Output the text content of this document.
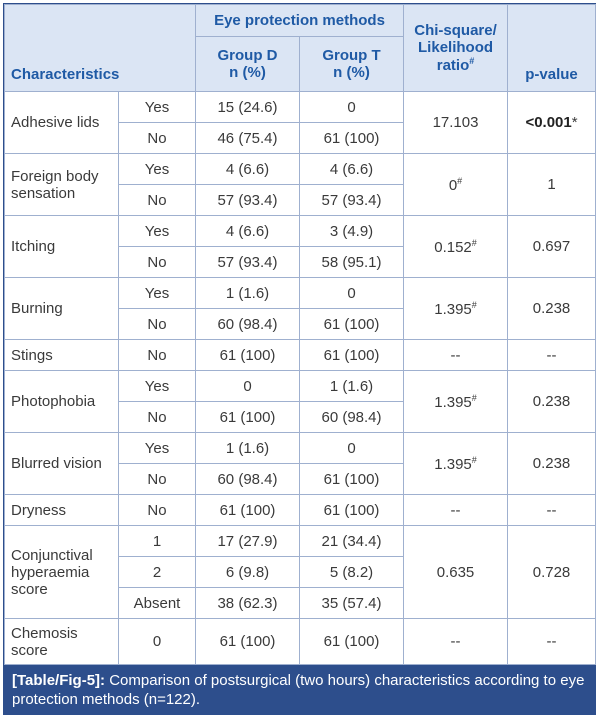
Characteristics		Eye protection methods		Chi-square/
Likelihood
ratio#	p-value
		Group D
n (%)	Group T
n (%)		
Adhesive lids	Yes	15 (24.6)	0	17.103	<0.001*
	No	46 (75.4)	61 (100)		
Foreign body
sensation	Yes	4 (6.6)	4 (6.6)	0#	1
	No	57 (93.4)	57 (93.4)		
Itching	Yes	4 (6.6)	3 (4.9)	0.152#	0.697
	No	57 (93.4)	58 (95.1)		
Burning	Yes	1 (1.6)	0	1.395#	0.238
	No	60 (98.4)	61 (100)		
Stings	No	61 (100)	61 (100)	--	--
Photophobia	Yes	0	1 (1.6)	1.395#	0.238
	No	61 (100)	60 (98.4)		
Blurred vision	Yes	1 (1.6)	0	1.395#	0.238
	No	60 (98.4)	61 (100)		
Dryness	No	61 (100)	61 (100)	--	--
Conjunctival
hyperaemia
score	1	17 (27.9)	21 (34.4)	0.635	0.728
	2	6 (9.8)	5 (8.2)		
	Absent	38 (62.3)	35 (57.4)		
Chemosis
score	0	61 (100)	61 (100)	--	--
[Table/Fig-5]: Comparison of postsurgical (two hours) characteristics according to eye protection methods (n=122).
